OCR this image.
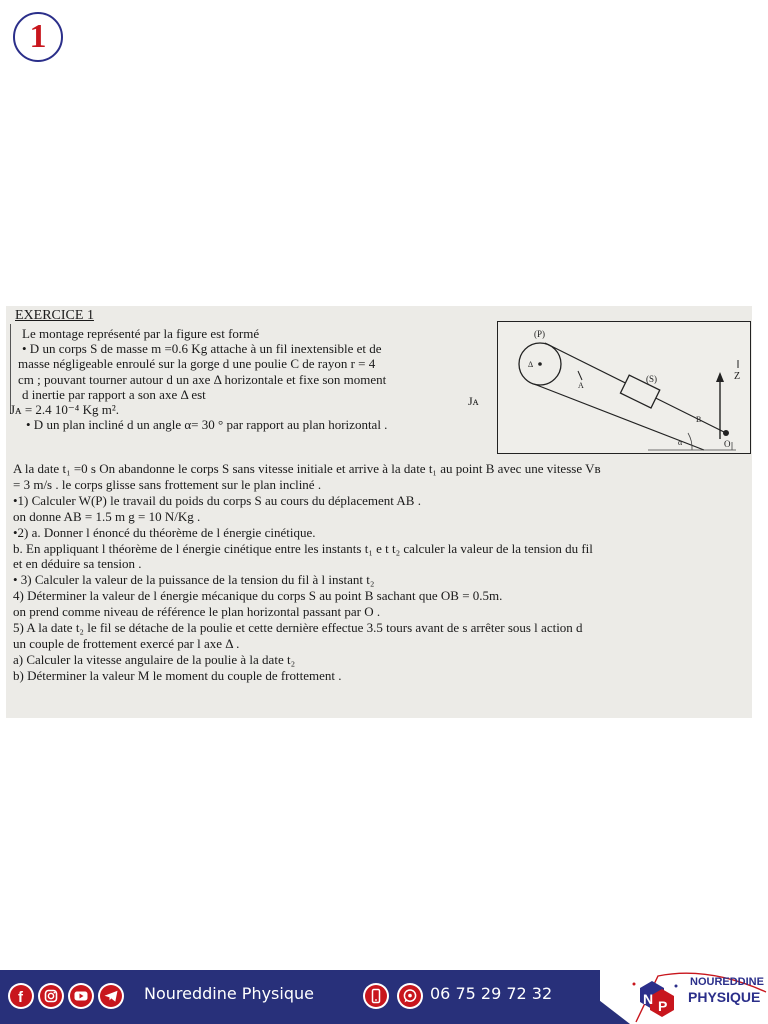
1
EXERCICE 1
Le montage représenté par la figure est formé
• D un corps S de masse m =0.6 Kg attache à un fil inextensible et de
masse négligeable enroulé sur la gorge d une poulie C de rayon r = 4
cm ; pouvant tourner autour d un axe Δ horizontale et fixe son moment
d inertie par rapport a son axe Δ est
Jᴀ = 2.4 10⁻⁴ Kg m².
• D un plan incliné d un angle α= 30 ° par rapport au plan horizontal .
Jᴀ
(P)
Δ
A
(S)
B
α	O
Z
A la date t₁ =0 s On abandonne le corps S sans vitesse initiale et arrive à la date t₁ au point B avec une vitesse Vʙ
= 3 m/s . le corps glisse sans frottement sur le plan incliné .
•1) Calculer W(P) le travail du poids du corps S au cours du déplacement AB .
on donne AB = 1.5 m g = 10 N/Kg .
•2) a. Donner l énoncé du théorème de l énergie cinétique.
b. En appliquant l théorème de l énergie cinétique entre les instants t₁ e t t₂ calculer la valeur de la tension du fil
et en déduire sa tension .
• 3) Calculer la valeur de la puissance de la tension du fil à l instant t₂
4) Déterminer la valeur de l énergie mécanique du corps S au point B sachant que OB = 0.5m.
on prend comme niveau de référence le plan horizontal passant par O .
5) A la date t₂ le fil se détache de la poulie et cette dernière effectue 3.5 tours avant de s arrêter sous l action d
un couple de frottement exercé par l axe Δ .
a) Calculer la vitesse angulaire de la poulie à la date t₂
b) Déterminer la valeur M le moment du couple de frottement .
f	Noureddine Physique	06 75 29 72 32	N P
NOUREDDINE
PHYSIQUE
